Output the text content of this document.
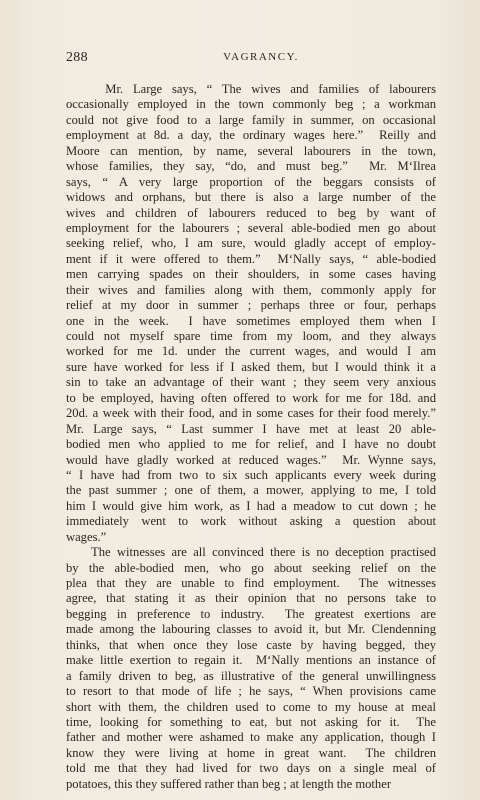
288	VAGRANCY.
Mr. Large says, “ The wives and families of labourers
occasionally employed in the town commonly beg ; a workman
could not give food to a large family in summer, on occasional
employment at 8d. a day, the ordinary wages here.”  Reilly and
Moore can mention, by name, several labourers in the town,
whose families, they say, “do, and must beg.”  Mr. M‘Ilrea
says, “ A very large proportion of the beggars consists of
widows and orphans, but there is also a large number of the
wives and children of labourers reduced to beg by want of
employment for the labourers ; several able-bodied men go about
seeking relief, who, I am sure, would gladly accept of employ-
ment if it were offered to them.”  M‘Nally says, “ able-bodied
men carrying spades on their shoulders, in some cases having
their wives and families along with them, commonly apply for
relief at my door in summer ; perhaps three or four, perhaps
one in the week.  I have sometimes employed them when I
could not myself spare time from my loom, and they always
worked for me 1d. under the current wages, and would I am
sure have worked for less if I asked them, but I would think it a
sin to take an advantage of their want ; they seem very anxious
to be employed, having often offered to work for me for 18d. and
20d. a week with their food, and in some cases for their food merely.”
Mr. Large says, “ Last summer I have met at least 20 able-
bodied men who applied to me for relief, and I have no doubt
would have gladly worked at reduced wages.”  Mr. Wynne says,
“ I have had from two to six such applicants every week during
the past summer ; one of them, a mower, applying to me, I told
him I would give him work, as I had a meadow to cut down ; he
immediately went to work without asking a question about
wages.”
The witnesses are all convinced there is no deception practised
by the able-bodied men, who go about seeking relief on the
plea that they are unable to find employment.  The witnesses
agree, that stating it as their opinion that no persons take to
begging in preference to industry.  The greatest exertions are
made among the labouring classes to avoid it, but Mr. Clendenning
thinks, that when once they lose caste by having begged, they
make little exertion to regain it.  M‘Nally mentions an instance of
a family driven to beg, as illustrative of the general unwillingness
to resort to that mode of life ; he says, “ When provisions came
short with them, the children used to come to my house at meal
time, looking for something to eat, but not asking for it.  The
father and mother were ashamed to make any application, though I
know they were living at home in great want.  The children
told me that they had lived for two days on a single meal of
potatoes, this they suffered rather than beg ; at length the mother
